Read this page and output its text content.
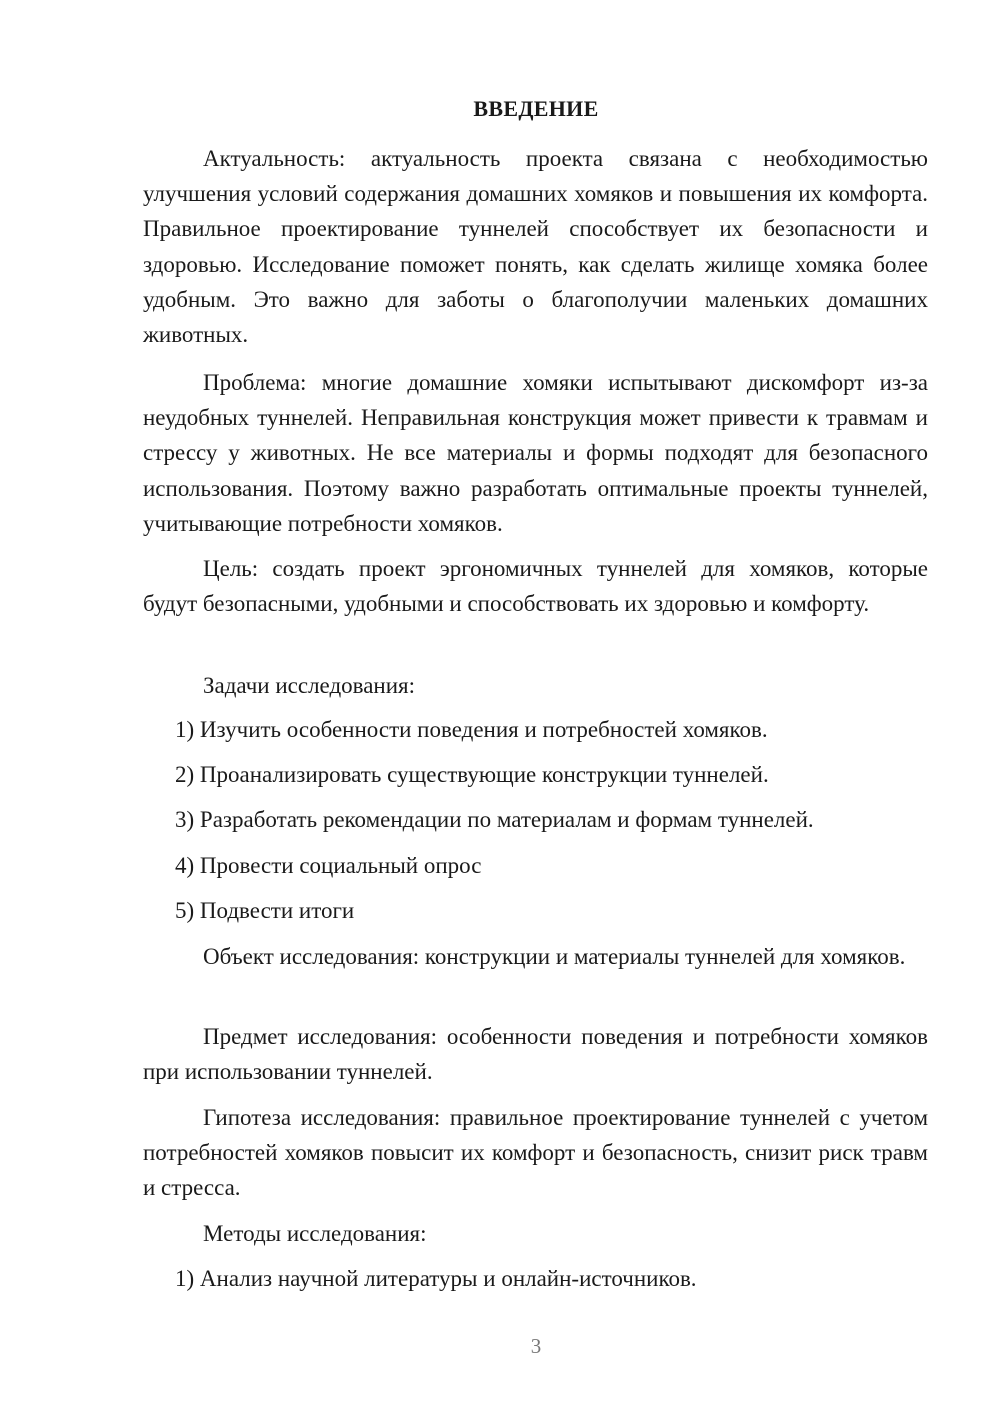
ВВЕДЕНИЕ

Актуальность: актуальность проекта связана с необходимостью улучшения условий содержания домашних хомяков и повышения их комфорта. Правильное проектирование туннелей способствует их безопасности и здоровью. Исследование поможет понять, как сделать жилище хомяка более удобным. Это важно для заботы о благополучии маленьких домашних животных.

Проблема: многие домашние хомяки испытывают дискомфорт из-за неудобных туннелей. Неправильная конструкция может привести к травмам и стрессу у животных. Не все материалы и формы подходят для безопасного использования. Поэтому важно разработать оптимальные проекты туннелей, учитывающие потребности хомяков.

Цель: создать проект эргономичных туннелей для хомяков, которые будут безопасными, удобными и способствовать их здоровью и комфорту.

Задачи исследования:
1) Изучить особенности поведения и потребностей хомяков.
2) Проанализировать существующие конструкции туннелей.
3) Разработать рекомендации по материалам и формам туннелей.
4) Провести социальный опрос
5) Подвести итоги

Объект исследования: конструкции и материалы туннелей для хомяков.

Предмет исследования: особенности поведения и потребности хомяков при использовании туннелей.

Гипотеза исследования: правильное проектирование туннелей с учетом потребностей хомяков повысит их комфорт и безопасность, снизит риск травм и стресса.

Методы исследования:
1) Анализ научной литературы и онлайн-источников.
3
